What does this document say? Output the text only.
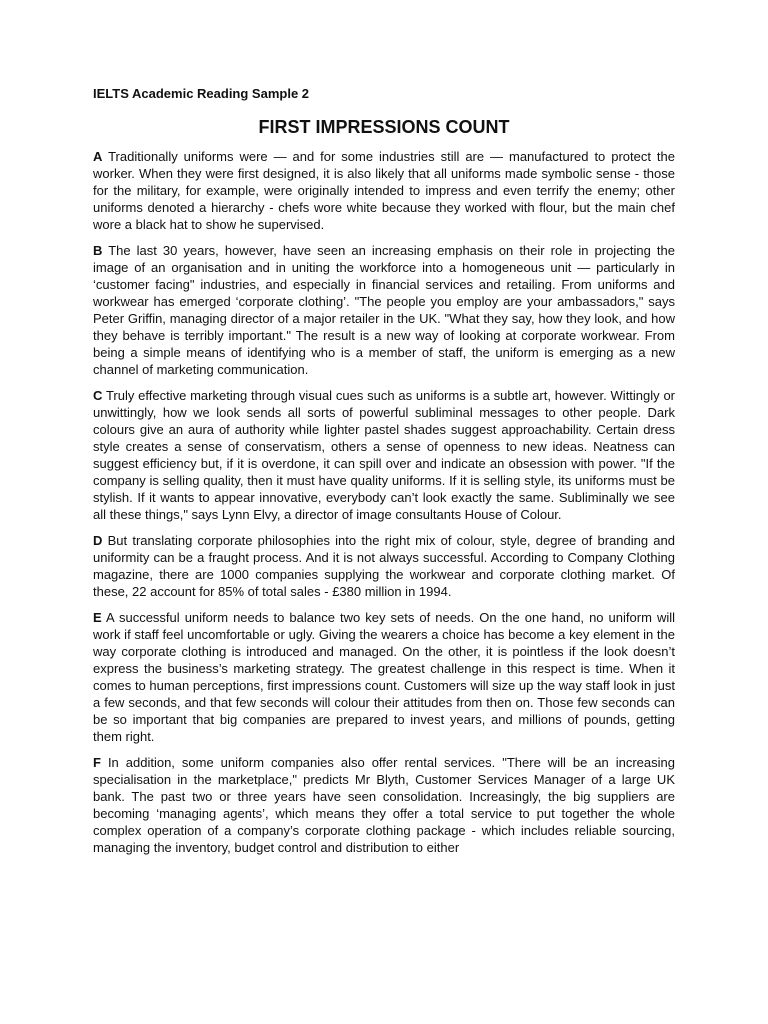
IELTS Academic Reading Sample 2
FIRST IMPRESSIONS COUNT

A Traditionally uniforms were — and for some industries still are — manufactured to protect the worker. When they were first designed, it is also likely that all uniforms made symbolic sense - those for the military, for example, were originally intended to impress and even terrify the enemy; other uniforms denoted a hierarchy - chefs wore white because they worked with flour, but the main chef wore a black hat to show he supervised.

B The last 30 years, however, have seen an increasing emphasis on their role in projecting the image of an organisation and in uniting the workforce into a homogeneous unit — particularly in ‘customer facing" industries, and especially in financial services and retailing. From uniforms and workwear has emerged ‘corporate clothing’. "The people you employ are your ambassadors," says Peter Griffin, managing director of a major retailer in the UK. "What they say, how they look, and how they behave is terribly important." The result is a new way of looking at corporate workwear. From being a simple means of identifying who is a member of staff, the uniform is emerging as a new channel of marketing communication.

C Truly effective marketing through visual cues such as uniforms is a subtle art, however. Wittingly or unwittingly, how we look sends all sorts of powerful subliminal messages to other people. Dark colours give an aura of authority while lighter pastel shades suggest approachability. Certain dress style creates a sense of conservatism, others a sense of openness to new ideas. Neatness can suggest efficiency but, if it is overdone, it can spill over and indicate an obsession with power. "If the company is selling quality, then it must have quality uniforms. If it is selling style, its uniforms must be stylish. If it wants to appear innovative, everybody can’t look exactly the same. Subliminally we see all these things," says Lynn Elvy, a director of image consultants House of Colour.

D But translating corporate philosophies into the right mix of colour, style, degree of branding and uniformity can be a fraught process. And it is not always successful. According to Company Clothing magazine, there are 1000 companies supplying the workwear and corporate clothing market. Of these, 22 account for 85% of total sales - £380 million in 1994.

E A successful uniform needs to balance two key sets of needs. On the one hand, no uniform will work if staff feel uncomfortable or ugly. Giving the wearers a choice has become a key element in the way corporate clothing is introduced and managed. On the other, it is pointless if the look doesn’t express the business’s marketing strategy. The greatest challenge in this respect is time. When it comes to human perceptions, first impressions count. Customers will size up the way staff look in just a few seconds, and that few seconds will colour their attitudes from then on. Those few seconds can be so important that big companies are prepared to invest years, and millions of pounds, getting them right.

F In addition, some uniform companies also offer rental services. "There will be an increasing specialisation in the marketplace," predicts Mr Blyth, Customer Services Manager of a large UK bank. The past two or three years have seen consolidation. Increasingly, the big suppliers are becoming ‘managing agents’, which means they offer a total service to put together the whole complex operation of a company’s corporate clothing package - which includes reliable sourcing, managing the inventory, budget control and distribution to either
